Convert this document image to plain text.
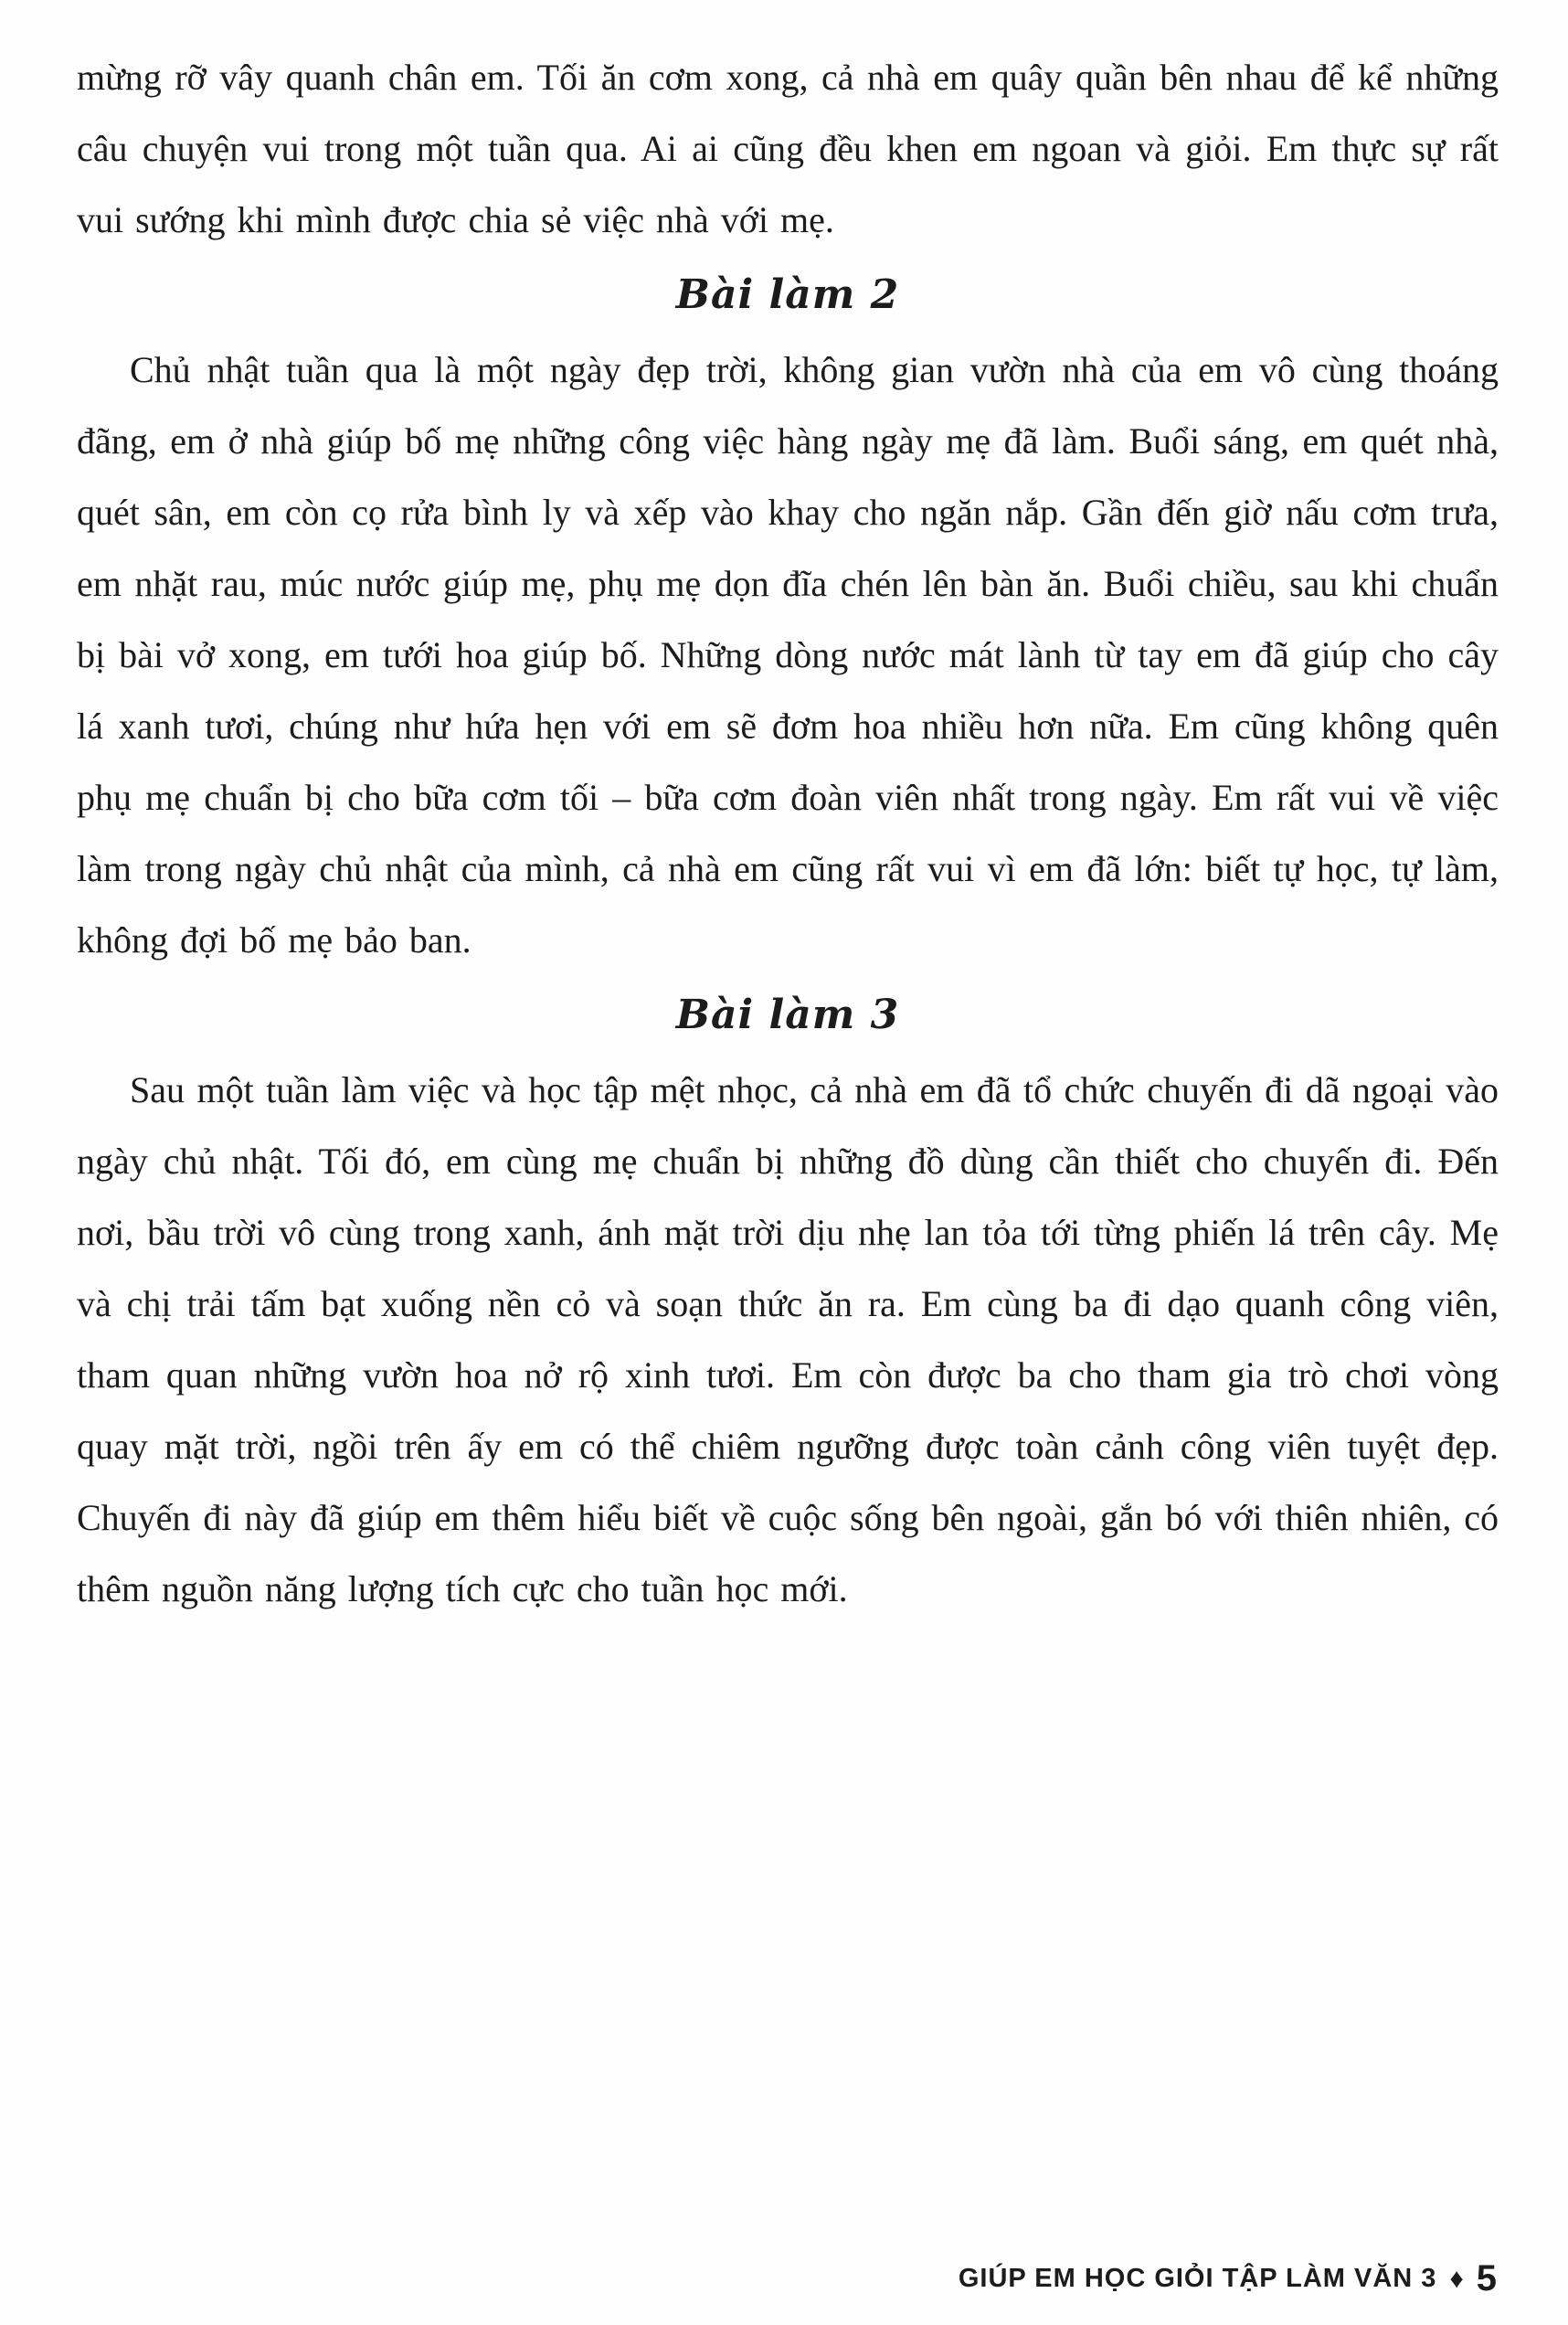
mừng rỡ vây quanh chân em. Tối ăn cơm xong, cả nhà em quây quần bên nhau để kể những câu chuyện vui trong một tuần qua. Ai ai cũng đều khen em ngoan và giỏi. Em thực sự rất vui sướng khi mình được chia sẻ việc nhà với mẹ.

Bài làm 2

Chủ nhật tuần qua là một ngày đẹp trời, không gian vườn nhà của em vô cùng thoáng đãng, em ở nhà giúp bố mẹ những công việc hàng ngày mẹ đã làm. Buổi sáng, em quét nhà, quét sân, em còn cọ rửa bình ly và xếp vào khay cho ngăn nắp. Gần đến giờ nấu cơm trưa, em nhặt rau, múc nước giúp mẹ, phụ mẹ dọn đĩa chén lên bàn ăn. Buổi chiều, sau khi chuẩn bị bài vở xong, em tưới hoa giúp bố. Những dòng nước mát lành từ tay em đã giúp cho cây lá xanh tươi, chúng như hứa hẹn với em sẽ đơm hoa nhiều hơn nữa. Em cũng không quên phụ mẹ chuẩn bị cho bữa cơm tối – bữa cơm đoàn viên nhất trong ngày. Em rất vui về việc làm trong ngày chủ nhật của mình, cả nhà em cũng rất vui vì em đã lớn: biết tự học, tự làm, không đợi bố mẹ bảo ban.

Bài làm 3

Sau một tuần làm việc và học tập mệt nhọc, cả nhà em đã tổ chức chuyến đi dã ngoại vào ngày chủ nhật. Tối đó, em cùng mẹ chuẩn bị những đồ dùng cần thiết cho chuyến đi. Đến nơi, bầu trời vô cùng trong xanh, ánh mặt trời dịu nhẹ lan tỏa tới từng phiến lá trên cây. Mẹ và chị trải tấm bạt xuống nền cỏ và soạn thức ăn ra. Em cùng ba đi dạo quanh công viên, tham quan những vườn hoa nở rộ xinh tươi. Em còn được ba cho tham gia trò chơi vòng quay mặt trời, ngồi trên ấy em có thể chiêm ngưỡng được toàn cảnh công viên tuyệt đẹp. Chuyến đi này đã giúp em thêm hiểu biết về cuộc sống bên ngoài, gắn bó với thiên nhiên, có thêm nguồn năng lượng tích cực cho tuần học mới.

GIÚP EM HỌC GIỎI TẬP LÀM VĂN 3 ♦ 5
